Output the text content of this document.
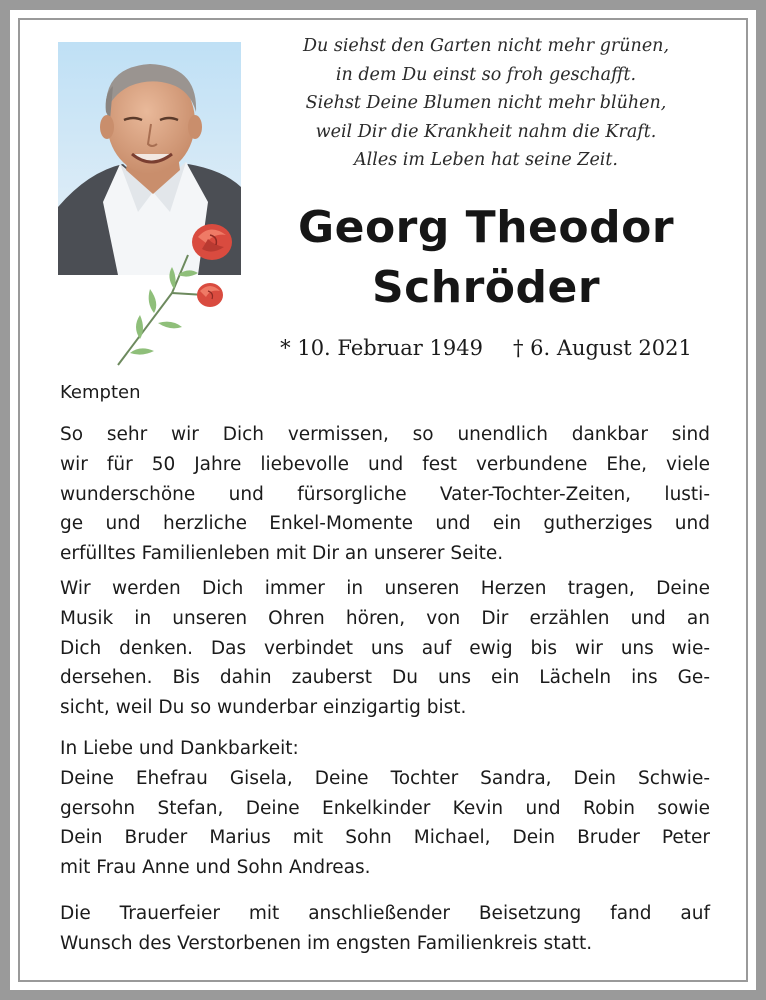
Du siehst den Garten nicht mehr grünen,
in dem Du einst so froh geschafft.
Siehst Deine Blumen nicht mehr blühen,
weil Dir die Krankheit nahm die Kraft.
Alles im Leben hat seine Zeit.
Georg Theodor
Schröder
* 10. Februar 1949 † 6. August 2021
Kempten
So sehr wir Dich vermissen, so unendlich dankbar sind
wir für 50 Jahre liebevolle und fest verbundene Ehe, viele
wunderschöne und fürsorgliche Vater-Tochter-Zeiten, lusti-
ge und herzliche Enkel-Momente und ein gutherziges und
erfülltes Familienleben mit Dir an unserer Seite.
Wir werden Dich immer in unseren Herzen tragen, Deine
Musik in unseren Ohren hören, von Dir erzählen und an
Dich denken. Das verbindet uns auf ewig bis wir uns wie-
dersehen. Bis dahin zauberst Du uns ein Lächeln ins Ge-
sicht, weil Du so wunderbar einzigartig bist.
In Liebe und Dankbarkeit:
Deine Ehefrau Gisela, Deine Tochter Sandra, Dein Schwie-
gersohn Stefan, Deine Enkelkinder Kevin und Robin sowie
Dein Bruder Marius mit Sohn Michael, Dein Bruder Peter
mit Frau Anne und Sohn Andreas.
Die Trauerfeier mit anschließender Beisetzung fand auf
Wunsch des Verstorbenen im engsten Familienkreis statt.
